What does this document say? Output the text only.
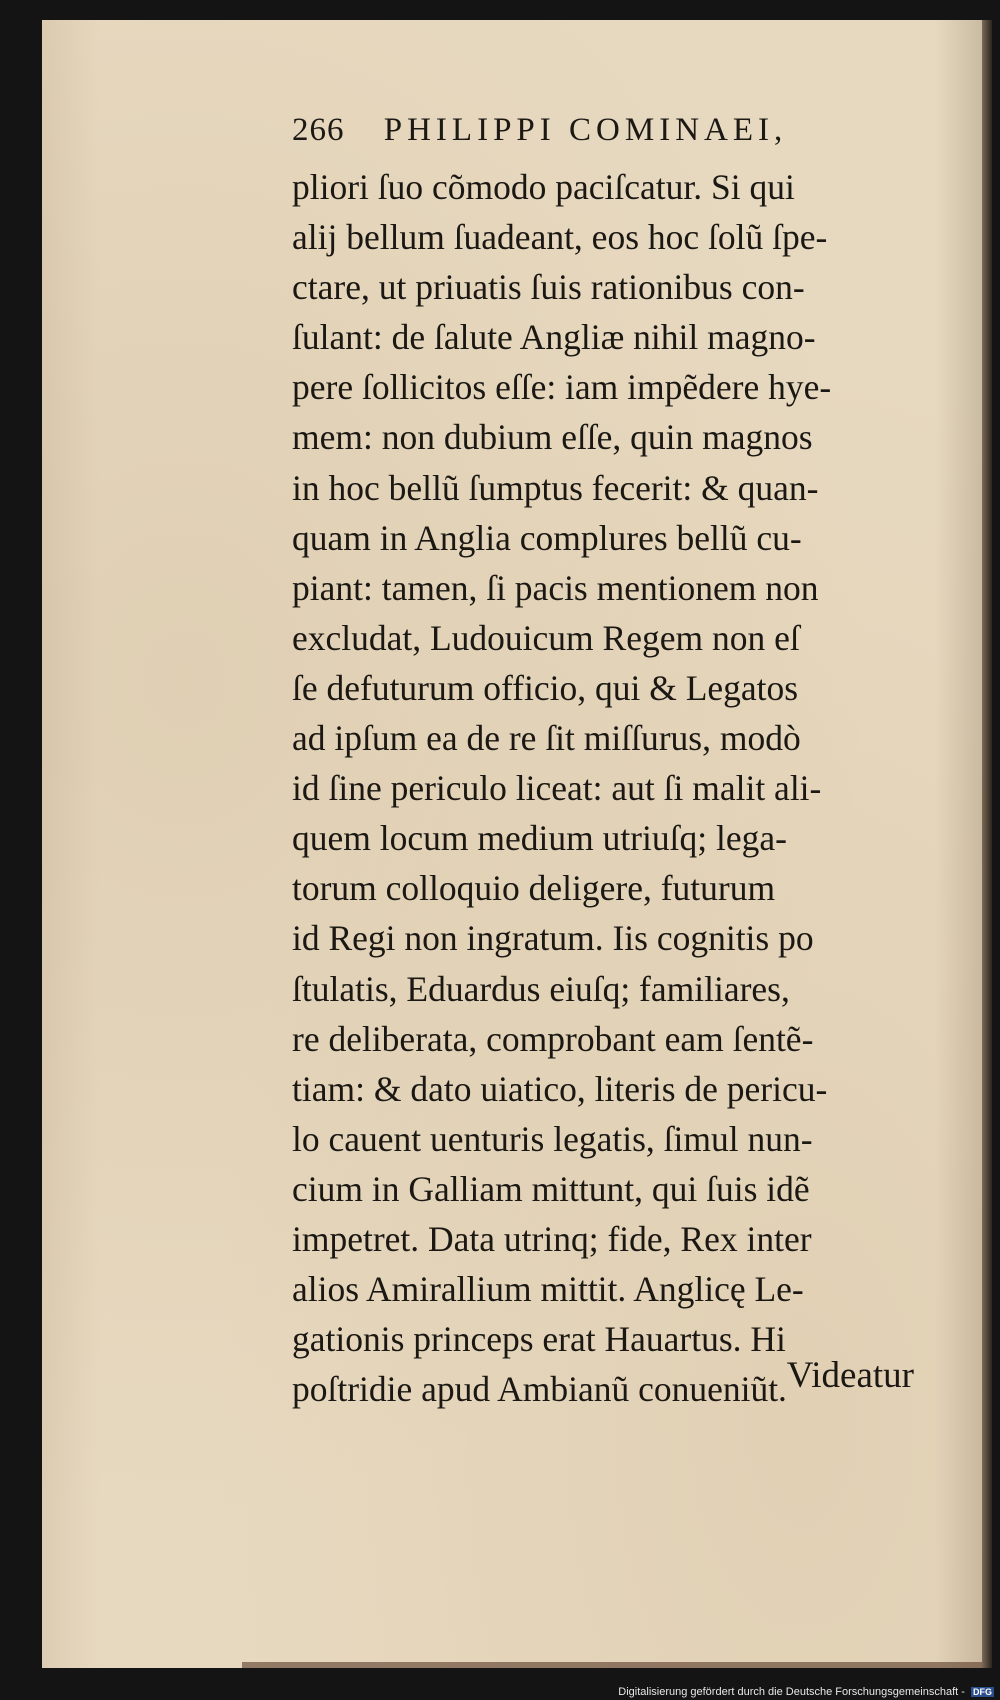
266 PHILIPPI COMINAEI,
pliori ſuo cõmodo paciſcatur. Si qui
alij bellum ſuadeant, eos hoc ſolũ ſpe-
ctare, ut priuatis ſuis rationibus con-
ſulant: de ſalute Angliæ nihil magno-
pere ſollicitos eſſe: iam impẽdere hye-
mem: non dubium eſſe, quin magnos
in hoc bellũ ſumptus fecerit: & quan-
quam in Anglia complures bellũ cu-
piant: tamen, ſi pacis mentionem non
excludat, Ludouicum Regem non eſ
ſe defuturum officio, qui & Legatos
ad ipſum ea de re ſit miſſurus, modò
id ſine periculo liceat: aut ſi malit ali-
quem locum medium utriuſq; lega-
torum colloquio deligere, futurum
id Regi non ingratum. Iis cognitis po
ſtulatis, Eduardus eiuſq; familiares,
re deliberata, comprobant eam ſentẽ-
tiam: & dato uiatico, literis de pericu-
lo cauent uenturis legatis, ſimul nun-
cium in Galliam mittunt, qui ſuis idẽ
impetret. Data utrinq; fide, Rex inter
alios Amirallium mittit. Anglicę Le-
gationis princeps erat Hauartus. Hi
poſtridie apud Ambianũ conueniũt. Videatur
Digitalisierung gefördert durch die Deutsche Forschungsgemeinschaft - DFG
